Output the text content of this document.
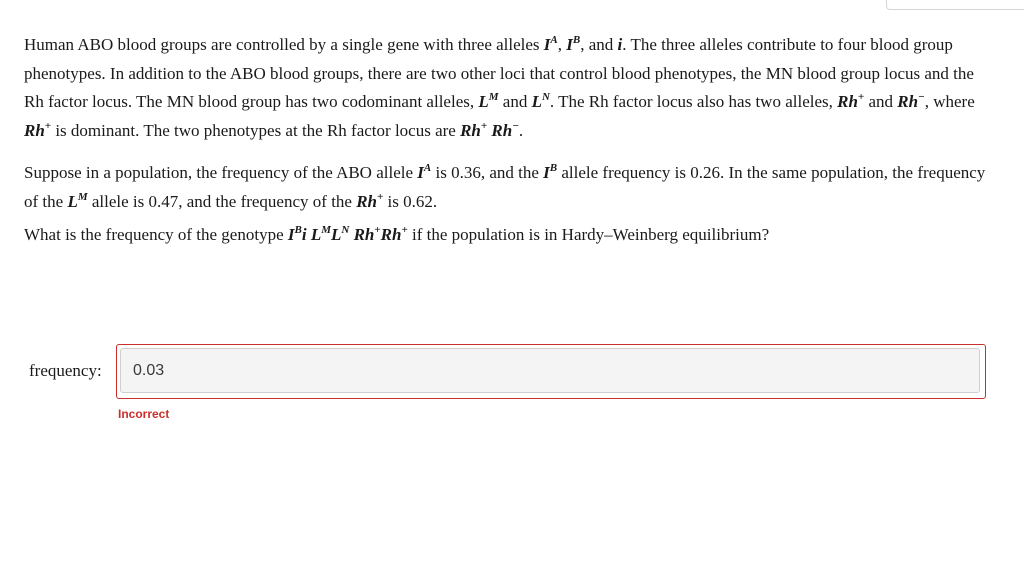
Human ABO blood groups are controlled by a single gene with three alleles $I^A$, $I^B$, and i. The three alleles contribute to four blood group phenotypes. In addition to the ABO blood groups, there are two other loci that control blood phenotypes, the MN blood group locus and the Rh factor locus. The MN blood group has two codominant alleles, $L^M$ and $L^N$. The Rh factor locus also has two alleles, Rh+ and Rh−, where Rh+ is dominant. The two phenotypes at the Rh factor locus are Rh+ Rh−.

Suppose in a population, the frequency of the ABO allele $I^A$ is 0.36, and the $I^B$ allele frequency is 0.26. In the same population, the frequency of the $L^M$ allele is 0.47, and the frequency of the Rh+ is 0.62.

What is the frequency of the genotype $I^Bi$ $L^ML^N$ Rh+Rh+ if the population is in Hardy–Weinberg equilibrium?

frequency:
0.03
Incorrect
